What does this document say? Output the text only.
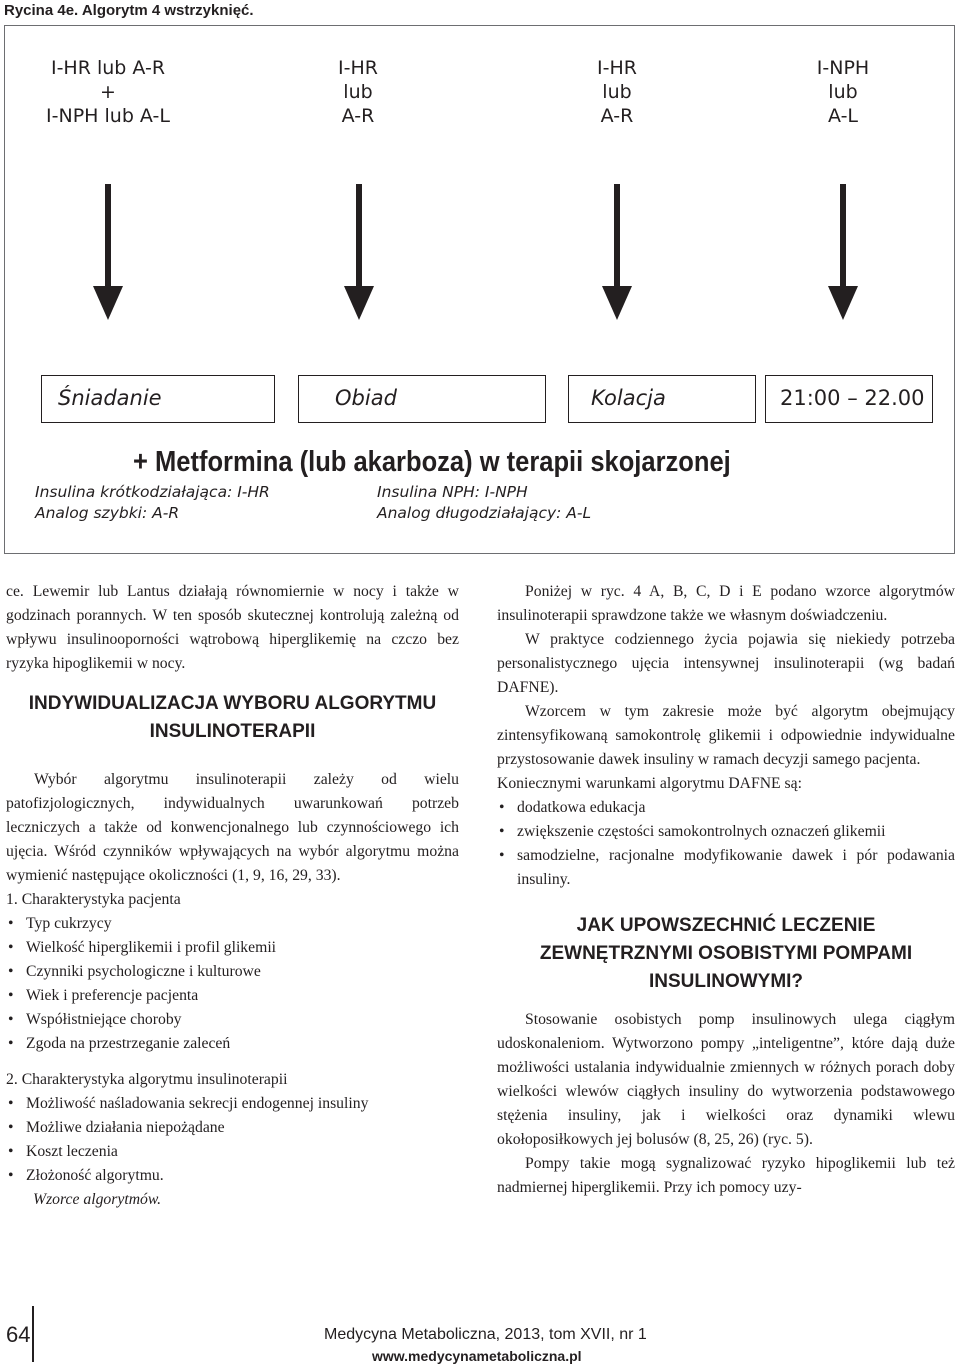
Rycina 4e. Algorytm 4 wstrzyknięć.
I-HR lub A-R
+
I-NPH lub A-L
I-HR
lub
A-R
I-HR
lub
A-R
I-NPH
lub
A-L
Śniadanie	Obiad	Kolacja	21:00 – 22.00
+ Metformina (lub akarboza) w terapii skojarzonej
Insulina krótkodziałająca: I-HR
Analog szybki: A-R
Insulina NPH: I-NPH
Analog długodziałający: A-L

ce. Lewemir lub Lantus działają równomiernie w nocy i także w godzinach porannych. W ten sposób skutecznej kontrolują zależną od wpływu insulinooporności wątrobową hiperglikemię na czczo bez ryzyka hipoglikemii w nocy.

INDYWIDUALIZACJA WYBORU ALGORYTMU
INSULINOTERAPII

Wybór algorytmu insulinoterapii zależy od wielu patofizjologicznych, indywidualnych uwarunkowań potrzeb leczniczych a także od konwencjonalnego lub czynnościowego ich ujęcia. Wśród czynników wpływających na wybór algorytmu można wymienić następujące okoliczności (1, 9, 16, 29, 33).

1. Charakterystyka pacjenta

• Typ cukrzycy
• Wielkość hiperglikemii i profil glikemii
• Czynniki psychologiczne i kulturowe
• Wiek i preferencje pacjenta
• Współistniejące choroby
• Zgoda na przestrzeganie zaleceń

2. Charakterystyka algorytmu insulinoterapii

• Możliwość naśladowania sekrecji endogennej insuliny
• Możliwe działania niepożądane
• Koszt leczenia
• Złożoność algorytmu.

Wzorce algorytmów.

Poniżej w ryc. 4 A, B, C, D i E podano wzorce algorytmów insulinoterapii sprawdzone także we własnym doświadczeniu.

W praktyce codziennego życia pojawia się niekiedy potrzeba personalistycznego ujęcia intensywnej insulinoterapii (wg badań DAFNE).

Wzorcem w tym zakresie może być algorytm obejmujący zintensyfikowaną samokontrolę glikemii i odpowiednie indywidualne przystosowanie dawek insuliny w ramach decyzji samego pacjenta.

Koniecznymi warunkami algorytmu DAFNE są:

• dodatkowa edukacja
• zwiększenie częstości samokontrolnych oznaczeń glikemii
• samodzielne, racjonalne modyfikowanie dawek i pór podawania insuliny.
JAK UPOWSZECHNIĆ LECZENIE
ZEWNĘTRZNYMI OSOBISTYMI POMPAMI
INSULINOWYMI?

Stosowanie osobistych pomp insulinowych ulega ciągłym udoskonaleniom. Wytworzono pompy „inteligentne”, które dają duże możliwości ustalania indywidualnie zmiennych w różnych porach doby wielkości wlewów ciągłych insuliny do wytworzenia podstawowego stężenia insuliny, jak i wielkości oraz dynamiki wlewu okołoposiłkowych jej bolusów (8, 25, 26) (ryc. 5).

Pompy takie mogą sygnalizować ryzyko hipoglikemii lub też nadmiernej hiperglikemii. Przy ich pomocy uzy-

64	Medycyna Metaboliczna, 2013, tom XVII, nr 1
www.medycynametaboliczna.pl
